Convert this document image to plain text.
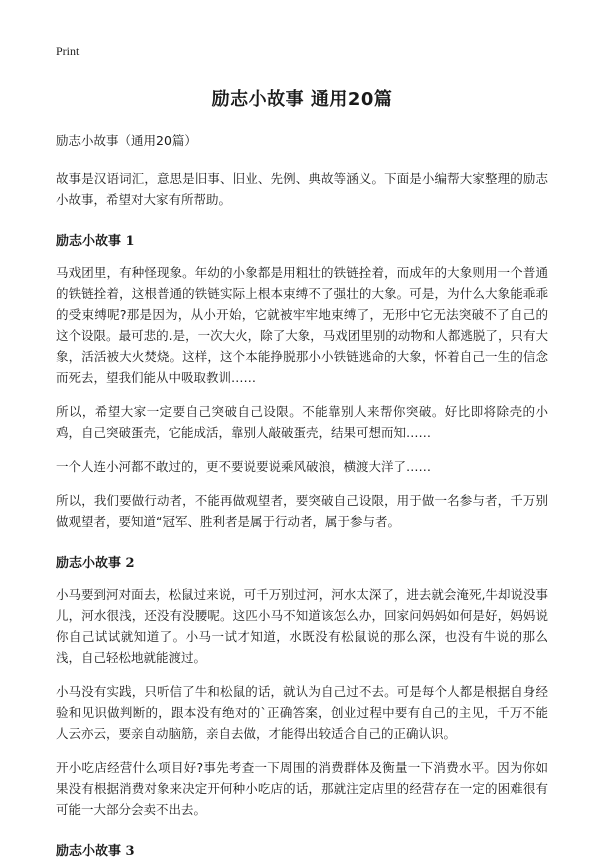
Print
励志小故事 通用20篇
励志小故事（通用20篇）

故事是汉语词汇，意思是旧事、旧业、先例、典故等涵义。下面是小编帮大家整理的励志小故事，希望对大家有所帮助。

励志小故事 1

马戏团里，有种怪现象。年幼的小象都是用粗壮的铁链拴着，而成年的大象则用一个普通的铁链拴着，这根普通的铁链实际上根本束缚不了强壮的大象。可是，为什么大象能乖乖的受束缚呢?那是因为，从小开始，它就被牢牢地束缚了，无形中它无法突破不了自己的这个设限。最可悲的.是，一次大火，除了大象，马戏团里别的动物和人都逃脱了，只有大象，活活被大火焚烧。这样，这个本能挣脱那小小铁链逃命的大象，怀着自己一生的信念而死去，望我们能从中吸取教训……

所以，希望大家一定要自己突破自己设限。不能靠别人来帮你突破。好比即将除壳的小鸡，自己突破蛋壳，它能成活，靠别人敲破蛋壳，结果可想而知……

一个人连小河都不敢过的，更不要说要说乘风破浪，横渡大洋了……

所以，我们要做行动者，不能再做观望者，要突破自己设限，用于做一名参与者，千万别做观望者，要知道“冠军、胜利者是属于行动者，属于参与者。

励志小故事 2

小马要到河对面去，松鼠过来说，可千万别过河，河水太深了，进去就会淹死,牛却说没事儿，河水很浅，还没有没腰呢。这匹小马不知道该怎么办，回家问妈妈如何是好，妈妈说你自己试试就知道了。小马一试才知道，水既没有松鼠说的那么深，也没有牛说的那么浅，自己轻松地就能渡过。

小马没有实践，只听信了牛和松鼠的话，就认为自己过不去。可是每个人都是根据自身经验和见识做判断的，跟本没有绝对的`正确答案，创业过程中要有自己的主见，千万不能人云亦云，要亲自动脑筋，亲自去做，才能得出较适合自己的正确认识。

开小吃店经营什么项目好?事先考查一下周围的消费群体及衡量一下消费水平。因为你如果没有根据消费对象来决定开何种小吃店的话，那就注定店里的经营存在一定的困难很有可能一大部分会卖不出去。

励志小故事 3
